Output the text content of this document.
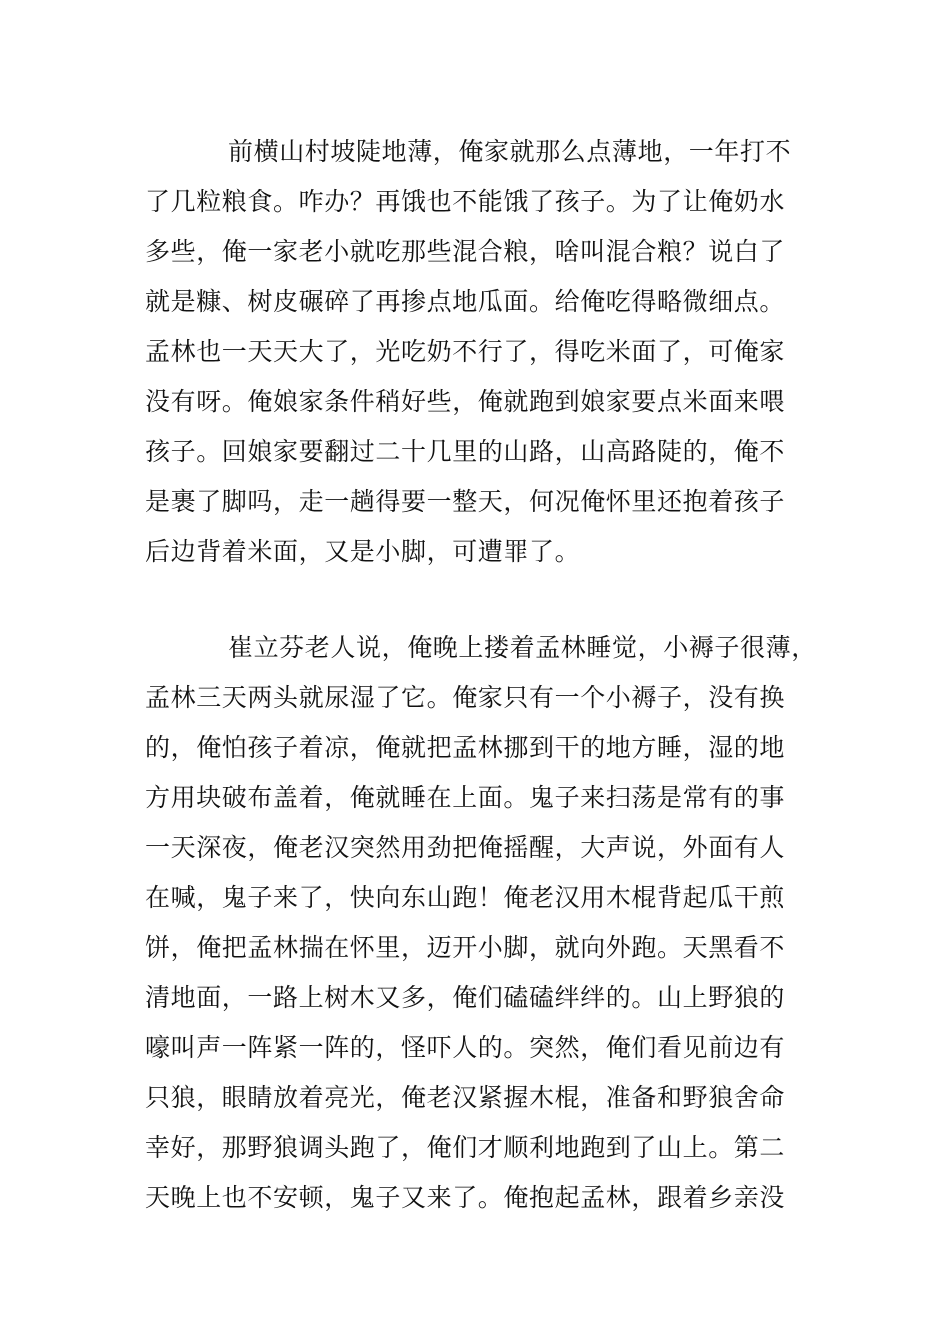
前横山村坡陡地薄，俺家就那么点薄地，一年打不
了几粒粮食。咋办？再饿也不能饿了孩子。为了让俺奶水
多些，俺一家老小就吃那些混合粮，啥叫混合粮？说白了
就是糠、树皮碾碎了再掺点地瓜面。给俺吃得略微细点。
孟林也一天天大了，光吃奶不行了，得吃米面了，可俺家
没有呀。俺娘家条件稍好些，俺就跑到娘家要点米面来喂
孩子。回娘家要翻过二十几里的山路，山高路陡的，俺不
是裹了脚吗，走一趟得要一整天，何况俺怀里还抱着孩子
后边背着米面，又是小脚，可遭罪了。
崔立芬老人说，俺晚上搂着孟林睡觉，小褥子很薄，
孟林三天两头就尿湿了它。俺家只有一个小褥子，没有换
的，俺怕孩子着凉，俺就把孟林挪到干的地方睡，湿的地
方用块破布盖着，俺就睡在上面。鬼子来扫荡是常有的事
一天深夜，俺老汉突然用劲把俺摇醒，大声说，外面有人
在喊，鬼子来了，快向东山跑！俺老汉用木棍背起瓜干煎
饼，俺把孟林揣在怀里，迈开小脚，就向外跑。天黑看不
清地面，一路上树木又多，俺们磕磕绊绊的。山上野狼的
嚎叫声一阵紧一阵的，怪吓人的。突然，俺们看见前边有
只狼，眼睛放着亮光，俺老汉紧握木棍，准备和野狼舍命
幸好，那野狼调头跑了，俺们才顺利地跑到了山上。第二
天晚上也不安顿，鬼子又来了。俺抱起孟林，跟着乡亲没
